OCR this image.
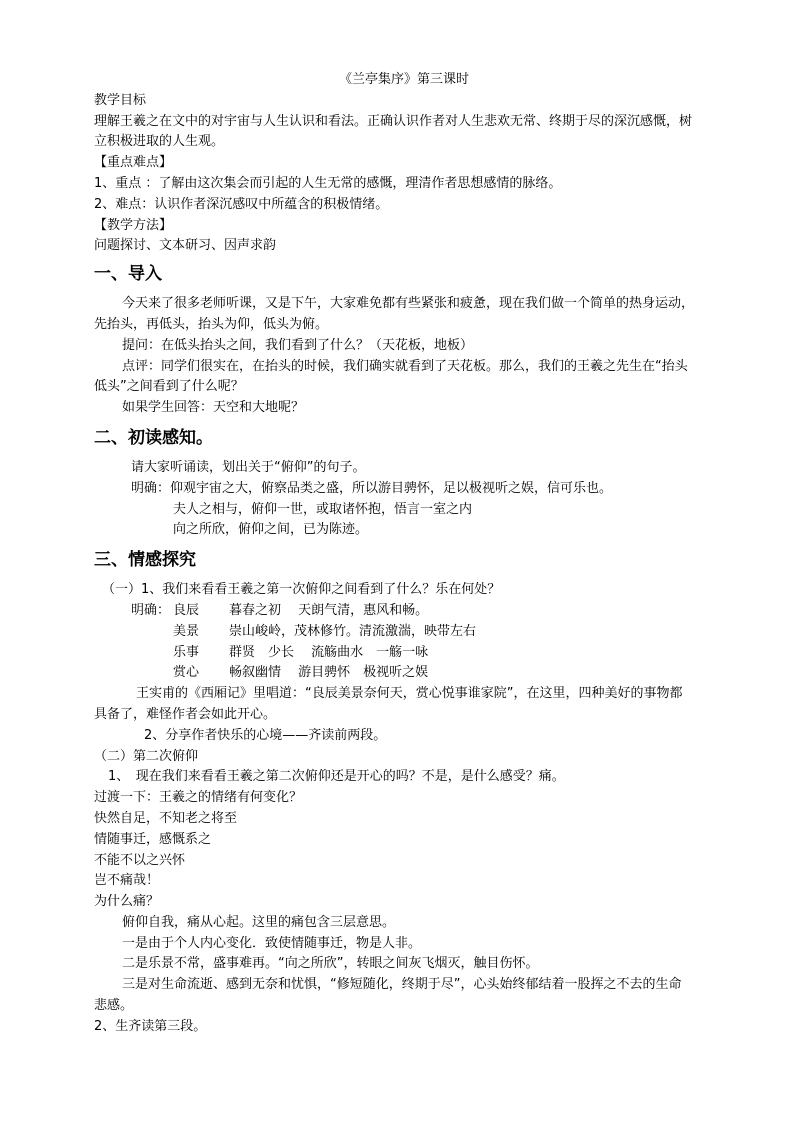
《兰亭集序》第三课时
教学目标
理解王羲之在文中的对宇宙与人生认识和看法。正确认识作者对人生悲欢无常、终期于尽的深沉感慨，树立积极进取的人生观。
【重点难点】
1、重点 ：了解由这次集会而引起的人生无常的感慨，理清作者思想感情的脉络。
2、难点：认识作者深沉感叹中所蕴含的积极情绪。
【教学方法】
问题探讨、文本研习、因声求韵
一、导入
今天来了很多老师听课，又是下午，大家难免都有些紧张和疲惫，现在我们做一个简单的热身运动，先抬头，再低头，抬头为仰，低头为俯。
提问：在低头抬头之间，我们看到了什么？（天花板，地板）
点评：同学们很实在，在抬头的时候，我们确实就看到了天花板。那么，我们的王羲之先生在“抬头低头”之间看到了什么呢？
如果学生回答：天空和大地呢？
二、初读感知。
请大家听诵读，划出关于“俯仰”的句子。
明确：仰观宇宙之大，俯察品类之盛，所以游目骋怀，足以极视听之娱，信可乐也。
夫人之相与，俯仰一世，或取诸怀抱，悟言一室之内
向之所欣，俯仰之间，已为陈迹。
三、情感探究
（一）1、我们来看看王羲之第一次俯仰之间看到了什么？乐在何处？
明确： 良辰 暮春之初　 天朗气清，惠风和畅。
美景 崇山峻岭，茂林修竹。清流激湍，映带左右
乐事 群贤　少长　 流觞曲水　一觞一咏
赏心 畅叙幽情　 游目骋怀　极视听之娱
王实甫的《西厢记》里唱道：“良辰美景奈何天，赏心悦事谁家院”，在这里，四种美好的事物都具备了，难怪作者会如此开心。
2、分享作者快乐的心境——齐读前两段。
（二）第二次俯仰
1、　现在我们来看看王羲之第二次俯仰还是开心的吗？不是，是什么感受？痛。
过渡一下：王羲之的情绪有何变化？
快然自足，不知老之将至
情随事迁，感慨系之
不能不以之兴怀
岂不痛哉！
为什么痛？
俯仰自我，痛从心起。这里的痛包含三层意思。
一是由于个人内心变化．致使情随事迁，物是人非。
二是乐景不常，盛事难再。“向之所欣”，转眼之间灰飞烟灭，触目伤怀。
三是对生命流逝、感到无奈和忧惧，“修短随化，终期于尽”，心头始终郁结着一股挥之不去的生命悲感。
2、生齐读第三段。
